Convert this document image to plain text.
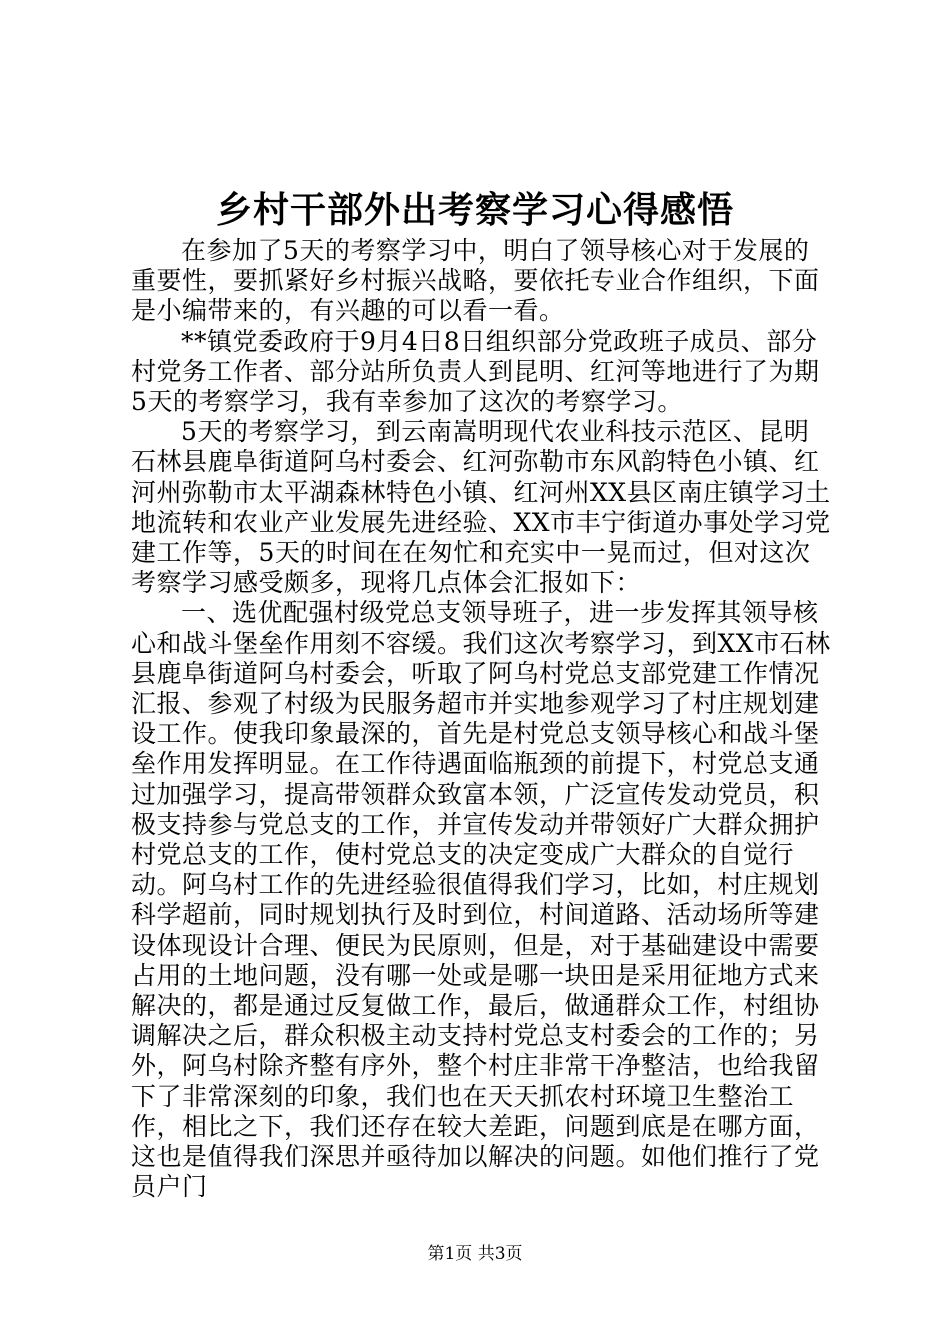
乡村干部外出考察学习心得感悟

在参加了5天的考察学习中，明白了领导核心对于发展的重要性，要抓紧好乡村振兴战略，要依托专业合作组织，下面是小编带来的，有兴趣的可以看一看。

**镇党委政府于9月4日8日组织部分党政班子成员、部分村党务工作者、部分站所负责人到昆明、红河等地进行了为期5天的考察学习，我有幸参加了这次的考察学习。

5天的考察学习，到云南嵩明现代农业科技示范区、昆明石林县鹿阜街道阿乌村委会、红河弥勒市东风韵特色小镇、红河州弥勒市太平湖森林特色小镇、红河州XX县区南庄镇学习土地流转和农业产业发展先进经验、XX市丰宁街道办事处学习党建工作等，5天的时间在在匆忙和充实中一晃而过，但对这次考察学习感受颇多，现将几点体会汇报如下：

一、选优配强村级党总支领导班子，进一步发挥其领导核心和战斗堡垒作用刻不容缓。我们这次考察学习，到XX市石林县鹿阜街道阿乌村委会，听取了阿乌村党总支部党建工作情况汇报、参观了村级为民服务超市并实地参观学习了村庄规划建设工作。使我印象最深的，首先是村党总支领导核心和战斗堡垒作用发挥明显。在工作待遇面临瓶颈的前提下，村党总支通过加强学习，提高带领群众致富本领，广泛宣传发动党员，积极支持参与党总支的工作，并宣传发动并带领好广大群众拥护村党总支的工作，使村党总支的决定变成广大群众的自觉行动。阿乌村工作的先进经验很值得我们学习，比如，村庄规划科学超前，同时规划执行及时到位，村间道路、活动场所等建设体现设计合理、便民为民原则，但是，对于基础建设中需要占用的土地问题，没有哪一处或是哪一块田是采用征地方式来解决的，都是通过反复做工作，最后，做通群众工作，村组协调解决之后，群众积极主动支持村党总支村委会的工作的；另外，阿乌村除齐整有序外，整个村庄非常干净整洁，也给我留下了非常深刻的印象，我们也在天天抓农村环境卫生整治工作，相比之下，我们还存在较大差距，问题到底是在哪方面，这也是值得我们深思并亟待加以解决的问题。如他们推行了党员户门

第1页 共3页
